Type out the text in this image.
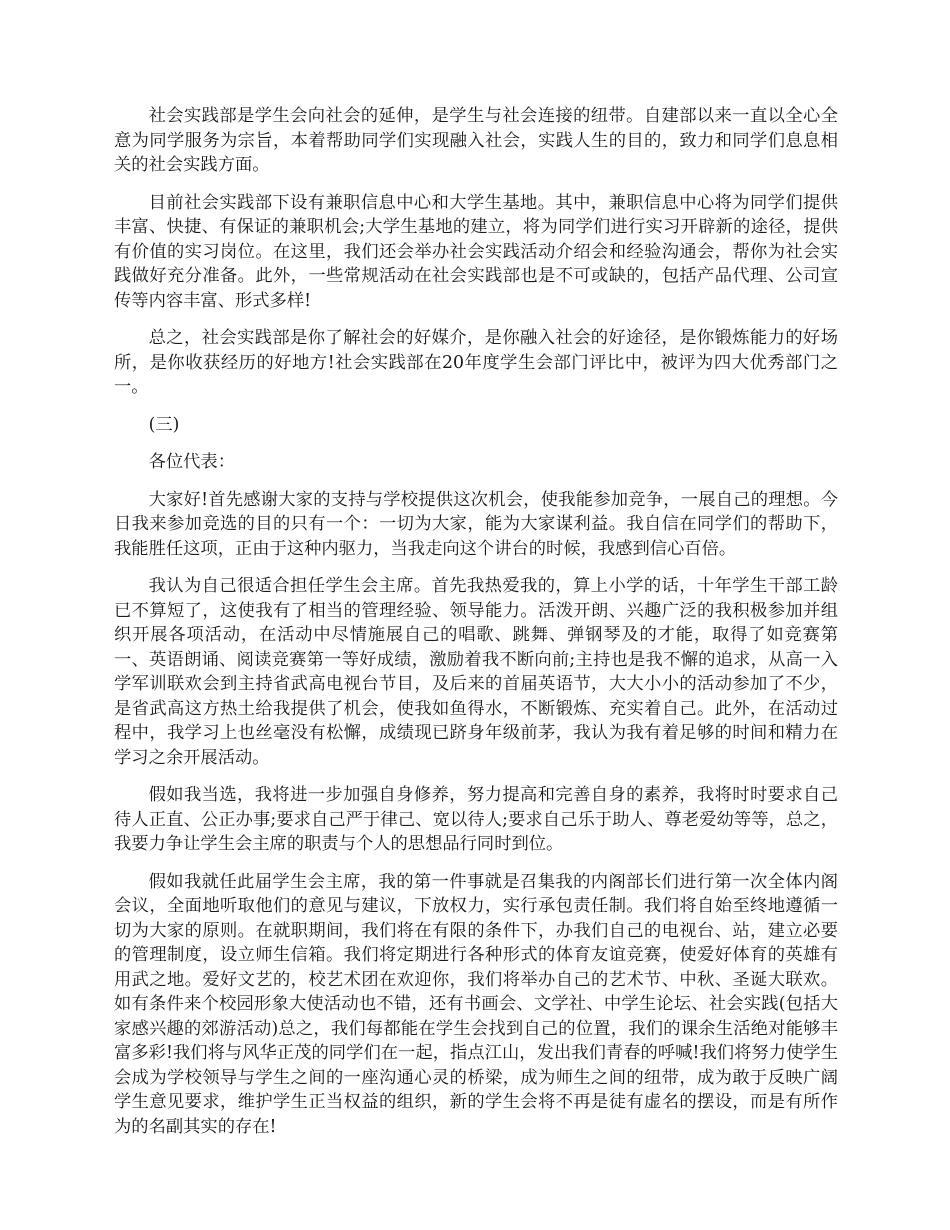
社会实践部是学生会向社会的延伸，是学生与社会连接的纽带。自建部以来一直以全心全意为同学服务为宗旨，本着帮助同学们实现融入社会，实践人生的目的，致力和同学们息息相关的社会实践方面。

目前社会实践部下设有兼职信息中心和大学生基地。其中，兼职信息中心将为同学们提供丰富、快捷、有保证的兼职机会;大学生基地的建立，将为同学们进行实习开辟新的途径，提供有价值的实习岗位。在这里，我们还会举办社会实践活动介绍会和经验沟通会，帮你为社会实践做好充分准备。此外，一些常规活动在社会实践部也是不可或缺的，包括产品代理、公司宣传等内容丰富、形式多样!

总之，社会实践部是你了解社会的好媒介，是你融入社会的好途径，是你锻炼能力的好场所，是你收获经历的好地方!社会实践部在20年度学生会部门评比中，被评为四大优秀部门之一。

(三)

各位代表：

大家好!首先感谢大家的支持与学校提供这次机会，使我能参加竞争，一展自己的理想。今日我来参加竞选的目的只有一个：一切为大家，能为大家谋利益。我自信在同学们的帮助下，我能胜任这项，正由于这种内驱力，当我走向这个讲台的时候，我感到信心百倍。

我认为自己很适合担任学生会主席。首先我热爱我的，算上小学的话，十年学生干部工龄已不算短了，这使我有了相当的管理经验、领导能力。活泼开朗、兴趣广泛的我积极参加并组织开展各项活动，在活动中尽情施展自己的唱歌、跳舞、弹钢琴及的才能，取得了如竞赛第一、英语朗诵、阅读竞赛第一等好成绩，激励着我不断向前;主持也是我不懈的追求，从高一入学军训联欢会到主持省武高电视台节目，及后来的首届英语节，大大小小的活动参加了不少，是省武高这方热土给我提供了机会，使我如鱼得水，不断锻炼、充实着自己。此外，在活动过程中，我学习上也丝毫没有松懈，成绩现已跻身年级前茅，我认为我有着足够的时间和精力在学习之余开展活动。

假如我当选，我将进一步加强自身修养，努力提高和完善自身的素养，我将时时要求自己待人正直、公正办事;要求自己严于律己、宽以待人;要求自己乐于助人、尊老爱幼等等，总之，我要力争让学生会主席的职责与个人的思想品行同时到位。

假如我就任此届学生会主席，我的第一件事就是召集我的内阁部长们进行第一次全体内阁会议，全面地听取他们的意见与建议，下放权力，实行承包责任制。我们将自始至终地遵循一切为大家的原则。在就职期间，我们将在有限的条件下，办我们自己的电视台、站，建立必要的管理制度，设立师生信箱。我们将定期进行各种形式的体育友谊竞赛，使爱好体育的英雄有用武之地。爱好文艺的，校艺术团在欢迎你，我们将举办自己的艺术节、中秋、圣诞大联欢。如有条件来个校园形象大使活动也不错，还有书画会、文学社、中学生论坛、社会实践(包括大家感兴趣的郊游活动)总之，我们每都能在学生会找到自己的位置，我们的课余生活绝对能够丰富多彩!我们将与风华正茂的同学们在一起，指点江山，发出我们青春的呼喊!我们将努力使学生会成为学校领导与学生之间的一座沟通心灵的桥梁，成为师生之间的纽带，成为敢于反映广阔学生意见要求，维护学生正当权益的组织，新的学生会将不再是徒有虚名的摆设，而是有所作为的名副其实的存在!
